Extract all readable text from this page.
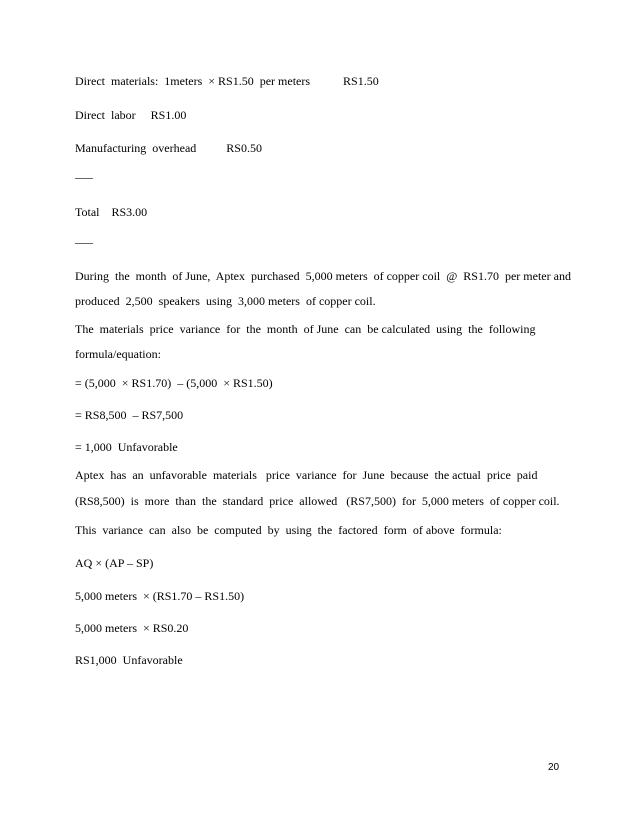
Direct  materials:  1meters  × RS1.50  per meters           RS1.50
Direct  labor     RS1.00
Manufacturing  overhead          RS0.50
___
Total    RS3.00
___
During  the  month  of June,  Aptex  purchased  5,000 meters  of copper coil  @  RS1.70  per meter and
produced  2,500  speakers  using  3,000 meters  of copper coil.
The  materials  price  variance  for  the  month  of June  can  be calculated  using  the  following
formula/equation:
= (5,000  × RS1.70)  – (5,000  × RS1.50)
= RS8,500  – RS7,500
= 1,000  Unfavorable
Aptex  has  an  unfavorable  materials   price  variance  for  June  because  the actual  price  paid
(RS8,500)  is  more  than  the  standard  price  allowed   (RS7,500)  for  5,000 meters  of copper coil.
This  variance  can  also  be  computed  by  using  the  factored  form  of above  formula:
AQ × (AP – SP)
5,000 meters  × (RS1.70 – RS1.50)
5,000 meters  × RS0.20
RS1,000  Unfavorable
20
